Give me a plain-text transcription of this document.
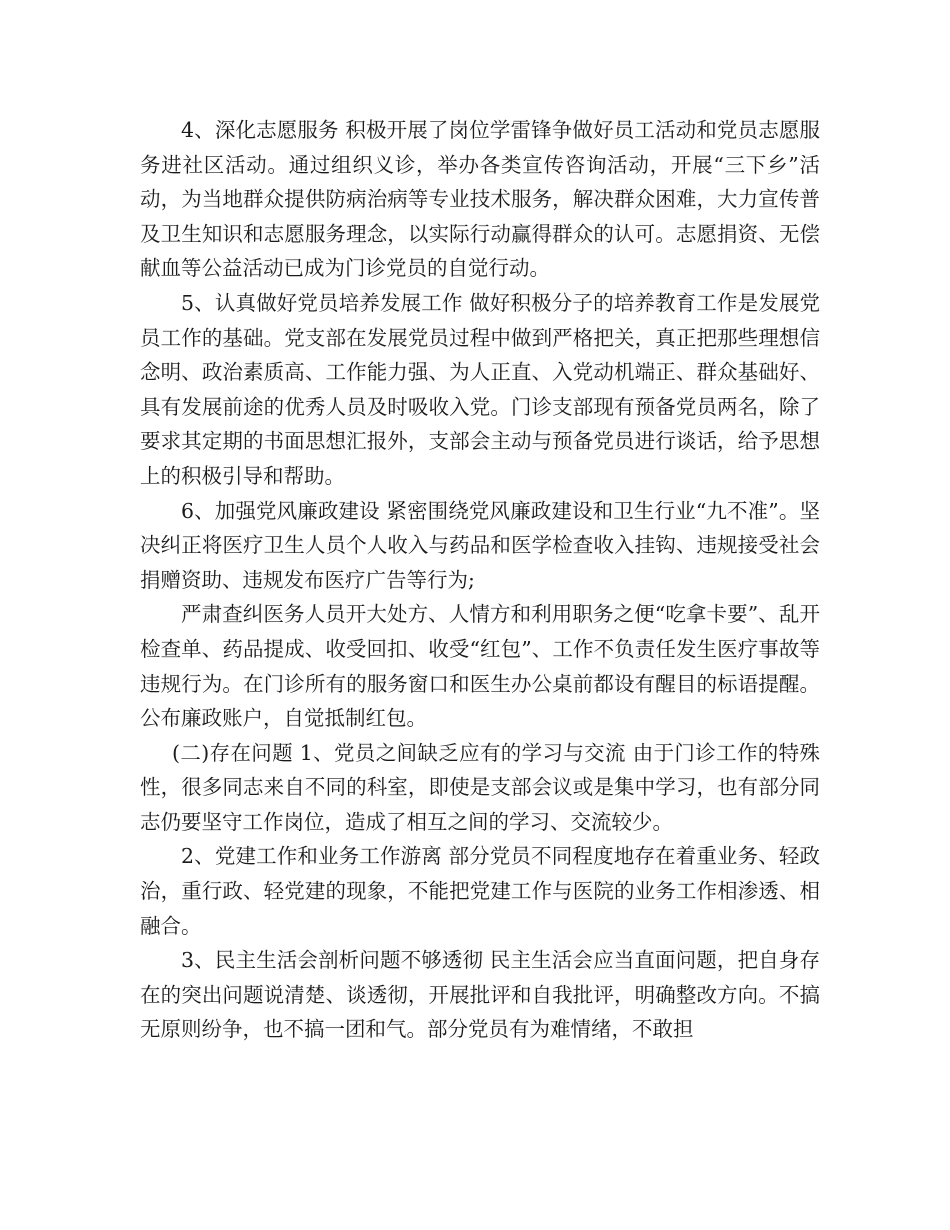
4、深化志愿服务 积极开展了岗位学雷锋争做好员工活动和党员志愿服务进社区活动。通过组织义诊，举办各类宣传咨询活动，开展“三下乡”活动，为当地群众提供防病治病等专业技术服务，解决群众困难，大力宣传普及卫生知识和志愿服务理念，以实际行动赢得群众的认可。志愿捐资、无偿献血等公益活动已成为门诊党员的自觉行动。

5、认真做好党员培养发展工作 做好积极分子的培养教育工作是发展党员工作的基础。党支部在发展党员过程中做到严格把关，真正把那些理想信念明、政治素质高、工作能力强、为人正直、入党动机端正、群众基础好、具有发展前途的优秀人员及时吸收入党。门诊支部现有预备党员两名，除了要求其定期的书面思想汇报外，支部会主动与预备党员进行谈话，给予思想上的积极引导和帮助。

6、加强党风廉政建设 紧密围绕党风廉政建设和卫生行业“九不准”。坚决纠正将医疗卫生人员个人收入与药品和医学检查收入挂钩、违规接受社会捐赠资助、违规发布医疗广告等行为;

严肃查纠医务人员开大处方、人情方和利用职务之便“吃拿卡要”、乱开检查单、药品提成、收受回扣、收受“红包”、工作不负责任发生医疗事故等违规行为。在门诊所有的服务窗口和医生办公桌前都设有醒目的标语提醒。公布廉政账户，自觉抵制红包。

(二)存在问题 1、党员之间缺乏应有的学习与交流 由于门诊工作的特殊性，很多同志来自不同的科室，即使是支部会议或是集中学习，也有部分同志仍要坚守工作岗位，造成了相互之间的学习、交流较少。

2、党建工作和业务工作游离 部分党员不同程度地存在着重业务、轻政治，重行政、轻党建的现象，不能把党建工作与医院的业务工作相渗透、相融合。

3、民主生活会剖析问题不够透彻 民主生活会应当直面问题，把自身存在的突出问题说清楚、谈透彻，开展批评和自我批评，明确整改方向。不搞无原则纷争，也不搞一团和气。部分党员有为难情绪，不敢担
